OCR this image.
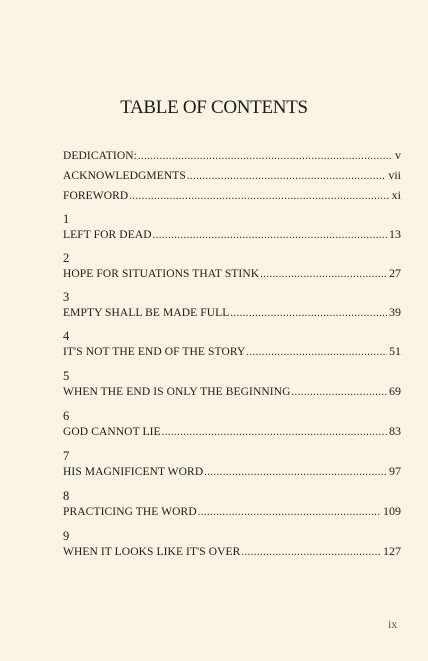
TABLE OF CONTENTS
DEDICATION: .....	v
ACKNOWLEDGMENTS .....	vii
FOREWORD .....	xi
1
LEFT FOR DEAD .....	13
2
HOPE FOR SITUATIONS THAT STINK .....	27
3
EMPTY SHALL BE MADE FULL .....	39
4
IT'S NOT THE END OF THE STORY .....	51
5
WHEN THE END IS ONLY THE BEGINNING .....	69
6
GOD CANNOT LIE .....	83
7
HIS MAGNIFICENT WORD .....	97
8
PRACTICING THE WORD .....	109
9
WHEN IT LOOKS LIKE IT'S OVER .....	127
ix
